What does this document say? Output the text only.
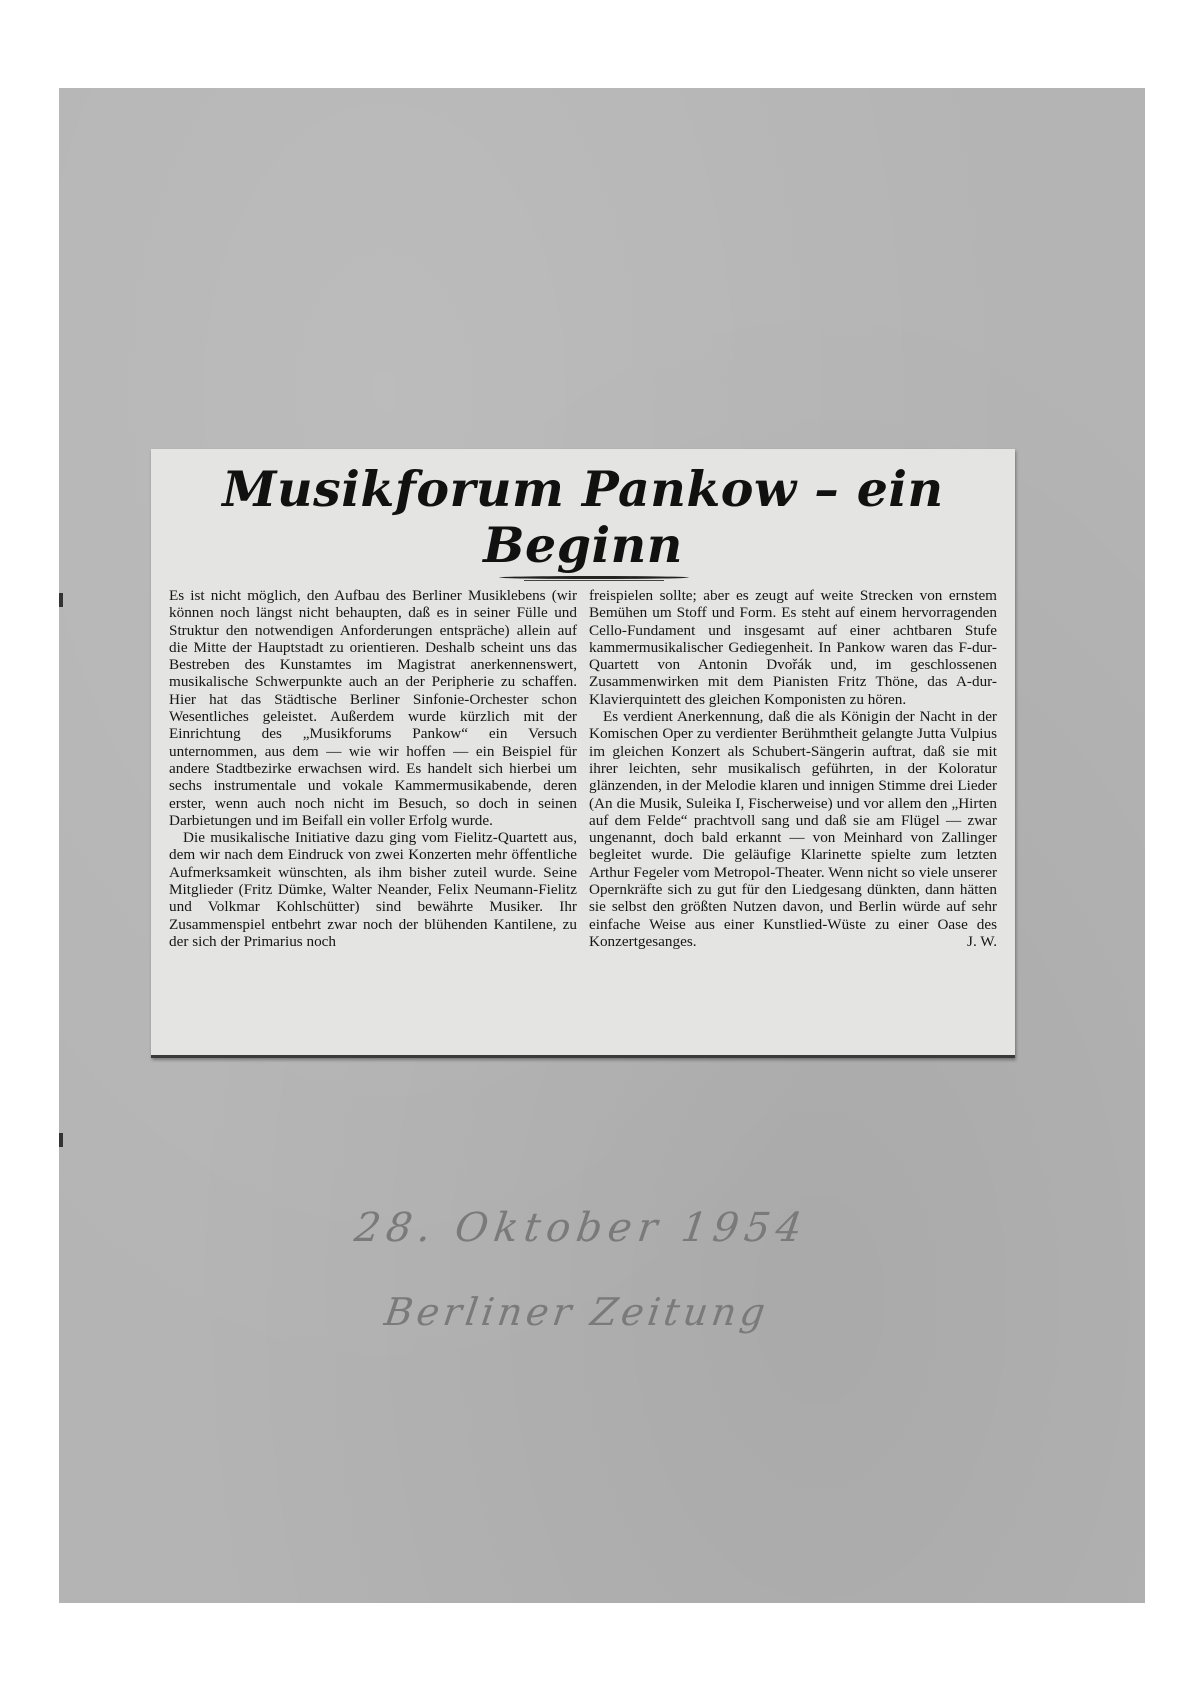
Musikforum Pankow – ein Beginn

Es ist nicht möglich, den Aufbau des Berliner Musiklebens (wir können noch längst nicht behaupten, daß es in seiner Fülle und Struktur den notwendigen Anforderungen entspräche) allein auf die Mitte der Hauptstadt zu orientieren. Deshalb scheint uns das Bestreben des Kunstamtes im Magistrat anerkennenswert, musikalische Schwerpunkte auch an der Peripherie zu schaffen. Hier hat das Städtische Berliner Sinfonie-Orchester schon Wesentliches geleistet. Außerdem wurde kürzlich mit der Einrichtung des „Musikforums Pankow“ ein Versuch unternommen, aus dem — wie wir hoffen — ein Beispiel für andere Stadtbezirke erwachsen wird. Es handelt sich hierbei um sechs instrumentale und vokale Kammermusikabende, deren erster, wenn auch noch nicht im Besuch, so doch in seinen Darbietungen und im Beifall ein voller Erfolg wurde.

Die musikalische Initiative dazu ging vom Fielitz-Quartett aus, dem wir nach dem Eindruck von zwei Konzerten mehr öffentliche Aufmerksamkeit wünschten, als ihm bisher zuteil wurde. Seine Mitglieder (Fritz Dümke, Walter Neander, Felix Neumann-Fielitz und Volkmar Kohlschütter) sind bewährte Musiker. Ihr Zusammenspiel entbehrt zwar noch der blühenden Kantilene, zu der sich der Primarius noch

freispielen sollte; aber es zeugt auf weite Strecken von ernstem Bemühen um Stoff und Form. Es steht auf einem hervorragenden Cello-Fundament und insgesamt auf einer achtbaren Stufe kammermusikalischer Gediegenheit. In Pankow waren das F-dur-Quartett von Antonin Dvořák und, im geschlossenen Zusammenwirken mit dem Pianisten Fritz Thöne, das A-dur-Klavierquintett des gleichen Komponisten zu hören.

Es verdient Anerkennung, daß die als Königin der Nacht in der Komischen Oper zu verdienter Berühmtheit gelangte Jutta Vulpius im gleichen Konzert als Schubert-Sängerin auftrat, daß sie mit ihrer leichten, sehr musikalisch geführten, in der Koloratur glänzenden, in der Melodie klaren und innigen Stimme drei Lieder (An die Musik, Suleika I, Fischerweise) und vor allem den „Hirten auf dem Felde“ prachtvoll sang und daß sie am Flügel — zwar ungenannt, doch bald erkannt — von Meinhard von Zallinger begleitet wurde. Die geläufige Klarinette spielte zum letzten Arthur Fegeler vom Metropol-Theater. Wenn nicht so viele unserer Opernkräfte sich zu gut für den Liedgesang dünkten, dann hätten sie selbst den größten Nutzen davon, und Berlin würde auf sehr einfache Weise aus einer Kunstlied-Wüste zu einer Oase des Konzertgesanges.	J. W.

28. Oktober 1954

Berliner Zeitung
